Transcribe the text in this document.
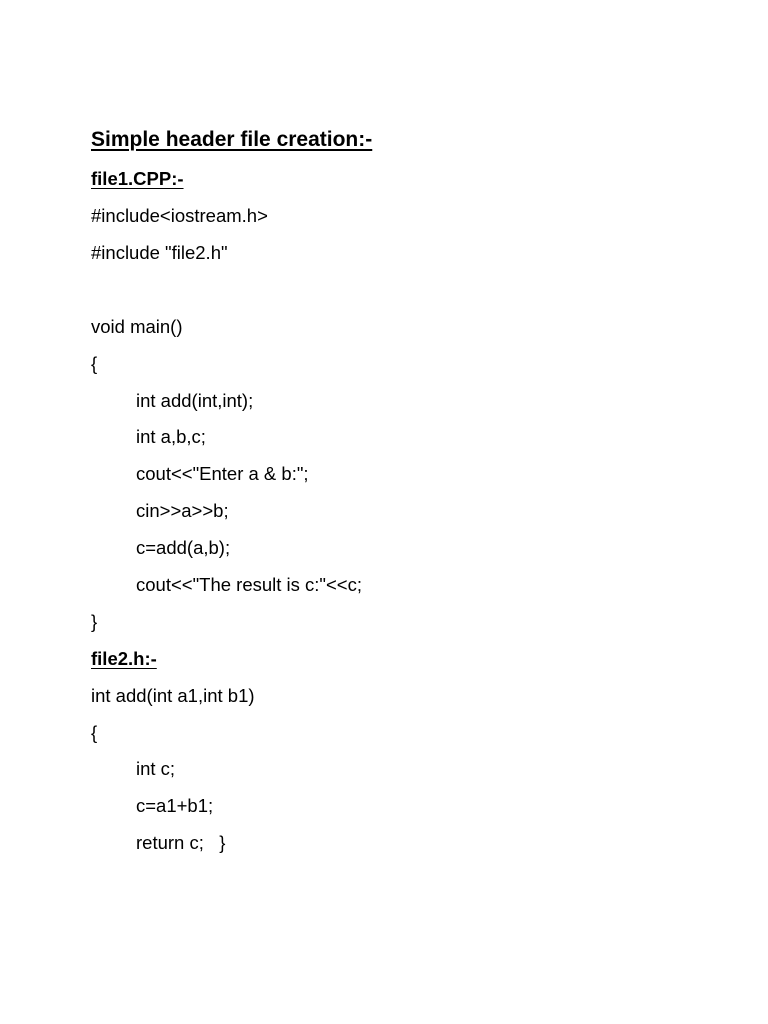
Simple header file creation:-
file1.CPP:-
#include<iostream.h>
#include "file2.h"
void main()
{
int add(int,int);
int a,b,c;
cout<<"Enter a & b:";
cin>>a>>b;
c=add(a,b);
cout<<"The result is c:"<<c;
}
file2.h:-
int add(int a1,int b1)
{
int c;
c=a1+b1;
return c;   }
